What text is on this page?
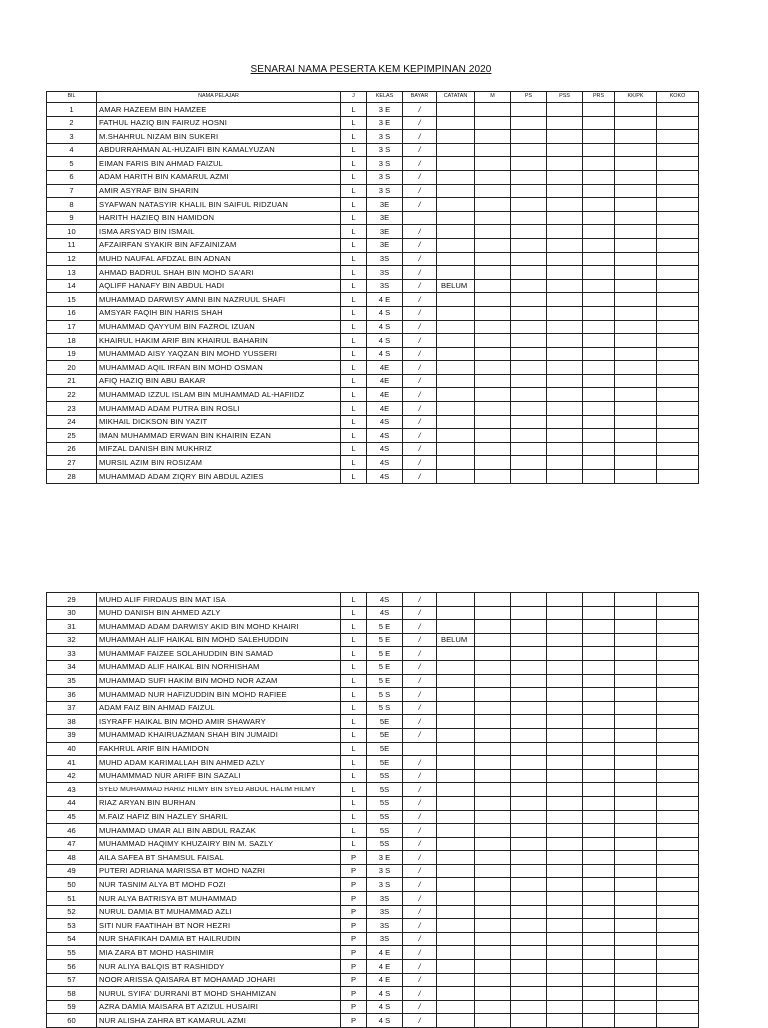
SENARAI NAMA PESERTA KEM KEPIMPINAN 2020
BIL	NAMA PELAJAR	J	KELAS	BAYAR	CATATAN	M	PS	PSS	PRS	KK/PK	KOKO
1	AMAR HAZEEM BIN HAMZEE	L	3 E	/							
2	FATHUL HAZIQ BIN FAIRUZ HOSNI	L	3 E	/							
3	M.SHAHRUL NIZAM BIN SUKERI	L	3 S	/							
4	ABDURRAHMAN AL-HUZAIFI BIN KAMALYUZAN	L	3 S	/							
5	EIMAN FARIS BIN AHMAD FAIZUL	L	3 S	/							
6	ADAM HARITH BIN KAMARUL AZMI	L	3 S	/							
7	AMIR ASYRAF BIN SHARIN	L	3 S	/							
8	SYAFWAN NATASYIR KHALIL BIN SAIFUL RIDZUAN	L	3E	/							
9	HARITH HAZIEQ BIN HAMIDON	L	3E								
10	ISMA ARSYAD BIN ISMAIL	L	3E	/							
11	AFZAIRFAN SYAKIR BIN AFZAINIZAM	L	3E	/							
12	MUHD NAUFAL AFDZAL BIN ADNAN	L	3S	/							
13	AHMAD BADRUL SHAH BIN MOHD SA'ARI	L	3S	/							
14	AQLIFF HANAFY BIN ABDUL HADI	L	3S	/	BELUM						
15	MUHAMMAD DARWISY AMNI BIN NAZRUUL SHAFI	L	4 E	/							
16	AMSYAR FAQIH BIN HARIS SHAH	L	4 S	/							
17	MUHAMMAD QAYYUM BIN FAZROL IZUAN	L	4 S	/							
18	KHAIRUL HAKIM ARIF BIN KHAIRUL BAHARIN	L	4 S	/							
19	MUHAMMAD AISY YAQZAN BIN MOHD YUSSERI	L	4 S	/							
20	MUHAMMAD AQIL IRFAN BIN MOHD OSMAN	L	4E	/							
21	AFIQ HAZIQ BIN ABU BAKAR	L	4E	/							
22	MUHAMMAD IZZUL ISLAM BIN MUHAMMAD AL-HAFIIDZ	L	4E	/							
23	MUHAMMAD ADAM PUTRA BIN ROSLI	L	4E	/							
24	MIKHAIL DICKSON BIN YAZIT	L	4S	/							
25	IMAN MUHAMMAD ERWAN BIN KHAIRIN EZAN	L	4S	/							
26	MIFZAL DANISH BIN MUKHRIZ	L	4S	/							
27	MURSIL AZIM BIN ROSIZAM	L	4S	/							
28	MUHAMMAD ADAM ZIQRY BIN ABDUL AZIES	L	4S	/							
29	MUHD ALIF FIRDAUS BIN MAT ISA	L	4S	/							
30	MUHD DANISH BIN AHMED AZLY	L	4S	/							
31	MUHAMMAD ADAM DARWISY AKID BIN MOHD KHAIRI	L	5 E	/							
32	MUHAMMAH ALIF HAIKAL BIN MOHD SALEHUDDIN	L	5 E	/	BELUM						
33	MUHAMMAF FAIZEE SOLAHUDDIN BIN SAMAD	L	5 E	/							
34	MUHAMMAD ALIF HAIKAL BIN NORHISHAM	L	5 E	/							
35	MUHAMMAD SUFI HAKIM BIN MOHD NOR AZAM	L	5 E	/							
36	MUHAMMAD NUR HAFIZUDDIN BIN MOHD RAFIEE	L	5 S	/							
37	ADAM FAIZ BIN AHMAD FAIZUL	L	5 S	/							
38	ISYRAFF HAIKAL BIN MOHD AMIR SHAWARY	L	5E	/							
39	MUHAMMAD KHAIRUAZMAN SHAH BIN JUMAIDI	L	5E	/							
40	FAKHRUL ARIF BIN HAMIDON	L	5E								
41	MUHD ADAM KARIMALLAH BIN AHMED AZLY	L	5E	/							
42	MUHAMMMAD NUR ARIFF BIN SAZALI	L	5S	/							
43	SYED MUHAMMAD HARIZ HILMY BIN SYED ABDUL HALIM HILMY	L	5S	/							
44	RIAZ ARYAN BIN BURHAN	L	5S	/							
45	M.FAIZ HAFIZ BIN HAZLEY SHARIL	L	5S	/							
46	MUHAMMAD UMAR ALI BIN ABDUL RAZAK	L	5S	/							
47	MUHAMMAD HAQIMY KHUZAIRY BIN M. SAZLY	L	5S	/							
48	AILA SAFEA BT SHAMSUL FAISAL	P	3 E	/							
49	PUTERI ADRIANA MARISSA BT MOHD NAZRI	P	3 S	/							
50	NUR TASNIM ALYA BT MOHD FOZI	P	3 S	/							
51	NUR ALYA BATRISYA BT MUHAMMAD	P	3S	/							
52	NURUL DAMIA BT MUHAMMAD AZLI	P	3S	/							
53	SITI NUR FAATIHAH BT NOR HEZRI	P	3S	/							
54	NUR SHAFIKAH DAMIA BT HAILRUDIN	P	3S	/							
55	MIA ZARA BT MOHD HASHIMIR	P	4 E	/							
56	NUR ALIYA BALQIS BT RASHIDDY	P	4 E	/							
57	NOOR ARISSA QAISARA BT MOHAMAD JOHARI	P	4 E	/							
58	NURUL SYIFA' DURRANI BT MOHD SHAHMIZAN	P	4 S	/							
59	AZRA DAMIA MAISARA BT AZIZUL HUSAIRI	P	4 S	/							
60	NUR ALISHA ZAHRA BT KAMARUL AZMI	P	4 S	/							
